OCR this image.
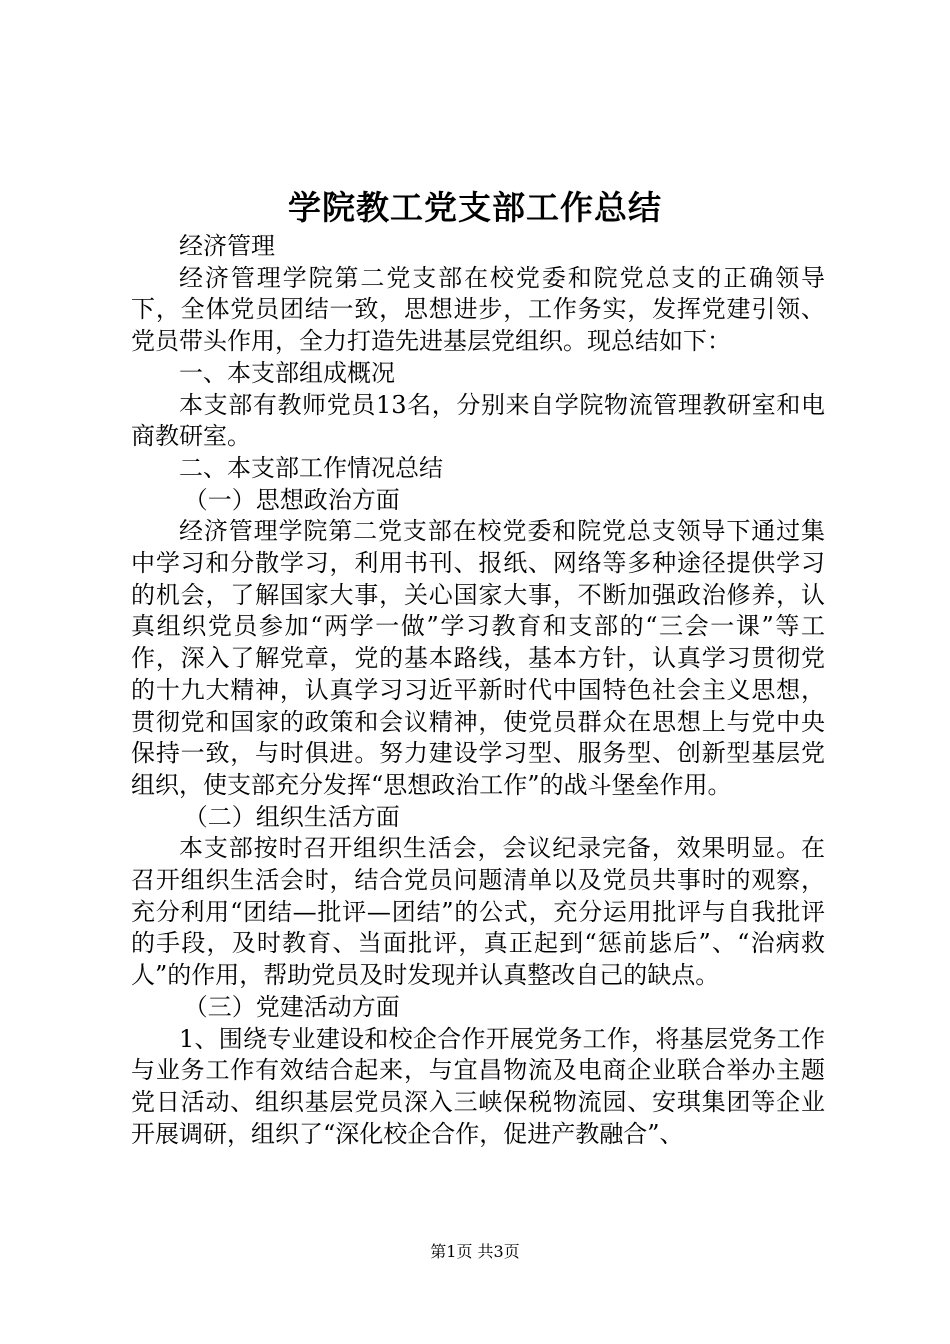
学院教工党支部工作总结

经济管理

经济管理学院第二党支部在校党委和院党总支的正确领导下，全体党员团结一致，思想进步，工作务实，发挥党建引领、党员带头作用，全力打造先进基层党组织。现总结如下：

一、本支部组成概况

本支部有教师党员13名，分别来自学院物流管理教研室和电商教研室。

二、本支部工作情况总结

（一）思想政治方面

经济管理学院第二党支部在校党委和院党总支领导下通过集中学习和分散学习，利用书刊、报纸、网络等多种途径提供学习的机会，了解国家大事，关心国家大事，不断加强政治修养，认真组织党员参加“两学一做”学习教育和支部的“三会一课”等工作，深入了解党章，党的基本路线，基本方针，认真学习贯彻党的十九大精神，认真学习习近平新时代中国特色社会主义思想，贯彻党和国家的政策和会议精神，使党员群众在思想上与党中央保持一致，与时俱进。努力建设学习型、服务型、创新型基层党组织，使支部充分发挥“思想政治工作”的战斗堡垒作用。

（二）组织生活方面

本支部按时召开组织生活会，会议纪录完备，效果明显。在召开组织生活会时，结合党员问题清单以及党员共事时的观察，充分利用“团结—批评—团结”的公式，充分运用批评与自我批评的手段，及时教育、当面批评，真正起到“惩前毖后”、“治病救人”的作用，帮助党员及时发现并认真整改自己的缺点。

（三）党建活动方面

1、围绕专业建设和校企合作开展党务工作，将基层党务工作与业务工作有效结合起来，与宜昌物流及电商企业联合举办主题党日活动、组织基层党员深入三峡保税物流园、安琪集团等企业开展调研，组织了“深化校企合作，促进产教融合”、

第1页 共3页
